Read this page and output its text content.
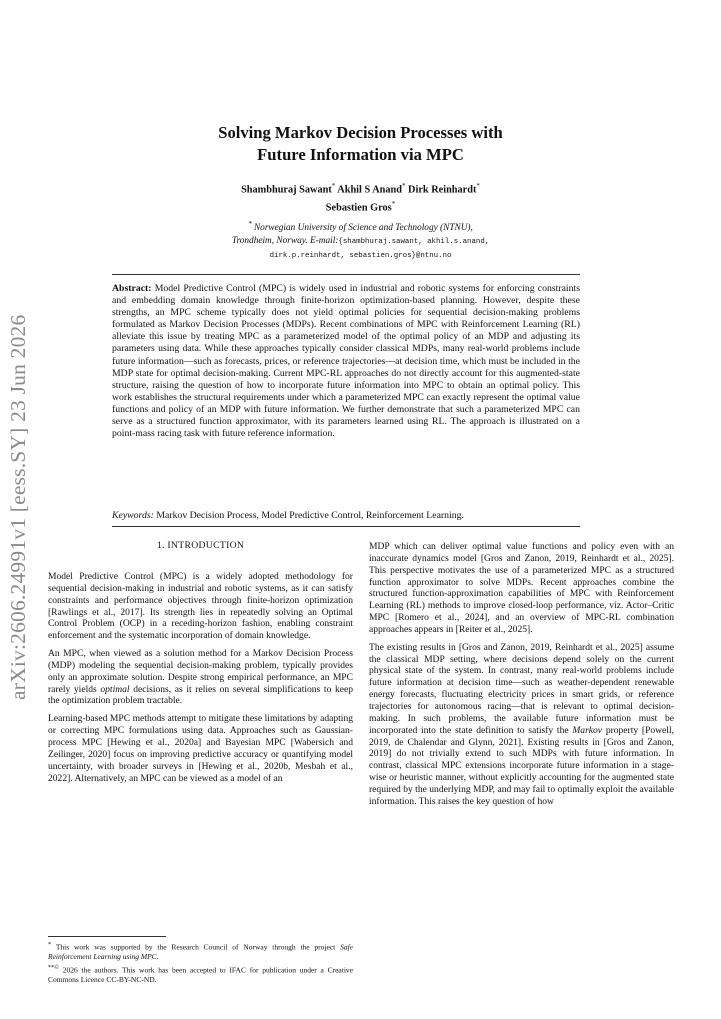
arXiv:2606.24991v1 [eess.SY] 23 Jun 2026
Solving Markov Decision Processes with
Future Information via MPC
Shambhuraj Sawant* Akhil S Anand* Dirk Reinhardt*
Sebastien Gros*
* Norwegian University of Science and Technology (NTNU),
Trondheim, Norway. E-mail:{shambhuraj.sawant, akhil.s.anand,
dirk.p.reinhardt, sebastien.gros}@ntnu.no
Abstract: Model Predictive Control (MPC) is widely used in industrial and robotic systems for enforcing constraints and embedding domain knowledge through finite-horizon optimization-based planning. However, despite these strengths, an MPC scheme typically does not yield optimal policies for sequential decision-making problems formulated as Markov Decision Processes (MDPs). Recent combinations of MPC with Reinforcement Learning (RL) alleviate this issue by treating MPC as a parameterized model of the optimal policy of an MDP and adjusting its parameters using data. While these approaches typically consider classical MDPs, many real-world problems include future information—such as forecasts, prices, or reference trajectories—at decision time, which must be included in the MDP state for optimal decision-making. Current MPC-RL approaches do not directly account for this augmented-state structure, raising the question of how to incorporate future information into MPC to obtain an optimal policy. This work establishes the structural requirements under which a parameterized MPC can exactly represent the optimal value functions and policy of an MDP with future information. We further demonstrate that such a parameterized MPC can serve as a structured function approximator, with its parameters learned using RL. The approach is illustrated on a point-mass racing task with future reference information.
Keywords: Markov Decision Process, Model Predictive Control, Reinforcement Learning.
1. INTRODUCTION

Model Predictive Control (MPC) is a widely adopted methodology for sequential decision-making in industrial and robotic systems, as it can satisfy constraints and performance objectives through finite-horizon optimization [Rawlings et al., 2017]. Its strength lies in repeatedly solving an Optimal Control Problem (OCP) in a receding-horizon fashion, enabling constraint enforcement and the systematic incorporation of domain knowledge.

An MPC, when viewed as a solution method for a Markov Decision Process (MDP) modeling the sequential decision-making problem, typically provides only an approximate solution. Despite strong empirical performance, an MPC rarely yields optimal decisions, as it relies on several simplifications to keep the optimization problem tractable.

Learning-based MPC methods attempt to mitigate these limitations by adapting or correcting MPC formulations using data. Approaches such as Gaussian-process MPC [Hewing et al., 2020a] and Bayesian MPC [Wabersich and Zeilinger, 2020] focus on improving predictive accuracy or quantifying model uncertainty, with broader surveys in [Hewing et al., 2020b, Mesbah et al., 2022]. Alternatively, an MPC can be viewed as a model of an

* This work was supported by the Research Council of Norway through the project Safe Reinforcement Learning using MPC.

**© 2026 the authors. This work has been accepted to IFAC for publication under a Creative Commons Licence CC-BY-NC-ND.

MDP which can deliver optimal value functions and policy even with an inaccurate dynamics model [Gros and Zanon, 2019, Reinhardt et al., 2025]. This perspective motivates the use of a parameterized MPC as a structured function approximator to solve MDPs. Recent approaches combine the structured function-approximation capabilities of MPC with Reinforcement Learning (RL) methods to improve closed-loop performance, viz. Actor–Critic MPC [Romero et al., 2024], and an overview of MPC-RL combination approaches appears in [Reiter et al., 2025].

The existing results in [Gros and Zanon, 2019, Reinhardt et al., 2025] assume the classical MDP setting, where decisions depend solely on the current physical state of the system. In contrast, many real-world problems include future information at decision time—such as weather-dependent renewable energy forecasts, fluctuating electricity prices in smart grids, or reference trajectories for autonomous racing—that is relevant to optimal decision-making. In such problems, the available future information must be incorporated into the state definition to satisfy the Markov property [Powell, 2019, de Chalendar and Glynn, 2021]. Existing results in [Gros and Zanon, 2019] do not trivially extend to such MDPs with future information. In contrast, classical MPC extensions incorporate future information in a stage-wise or heuristic manner, without explicitly accounting for the augmented state required by the underlying MDP, and may fail to optimally exploit the available information. This raises the key question of how
